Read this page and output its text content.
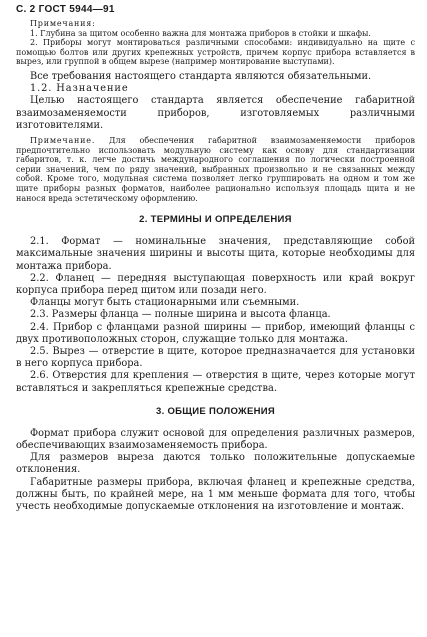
С. 2 ГОСТ 5944—91

Примечания:

1. Глубина за щитом особенно важна для монтажа приборов в стойки и шкафы.

2. Приборы могут монтироваться различными способами: индивидуально на щите с помощью болтов или других крепежных устройств, причем корпус прибора вставляется в вырез, или группой в общем вырезе (например монтирование выступами).

Все требования настоящего стандарта являются обязательными.

1.2. Назначение

Целью настоящего стандарта является обеспечение габаритной взаимозаменяемости приборов, изготовляемых различными изготовителями.

Примечание. Для обеспечения габаритной взаимозаменяемости приборов предпочтительно использовать модульную систему как основу для стандартизации габаритов, т. к. легче достичь международного соглашения по логически построенной серии значений, чем по ряду значений, выбранных произвольно и не связанных между собой. Кроме того, модульная система позволяет легко группировать на одном и том же щите приборы разных форматов, наиболее рационально используя площадь щита и не нанося вреда эстетическому оформлению.

2. ТЕРМИНЫ И ОПРЕДЕЛЕНИЯ

2.1. Формат — номинальные значения, представляющие собой максимальные значения ширины и высоты щита, которые необходимы для монтажа прибора.

2.2. Фланец — передняя выступающая поверхность или край вокруг корпуса прибора перед щитом или позади него.

Фланцы могут быть стационарными или съемными.

2.3. Размеры фланца — полные ширина и высота фланца.

2.4. Прибор с фланцами разной ширины — прибор, имеющий фланцы с двух противоположных сторон, служащие только для монтажа.

2.5. Вырез — отверстие в щите, которое предназначается для установки в него корпуса прибора.

2.6. Отверстия для крепления — отверстия в щите, через которые могут вставляться и закрепляться крепежные средства.

3. ОБЩИЕ ПОЛОЖЕНИЯ

Формат прибора служит основой для определения различных размеров, обеспечивающих взаимозаменяемость прибора.

Для размеров выреза даются только положительные допускаемые отклонения.

Габаритные размеры прибора, включая фланец и крепежные средства, должны быть, по крайней мере, на 1 мм меньше формата для того, чтобы учесть необходимые допускаемые отклонения на изготовление и монтаж.
